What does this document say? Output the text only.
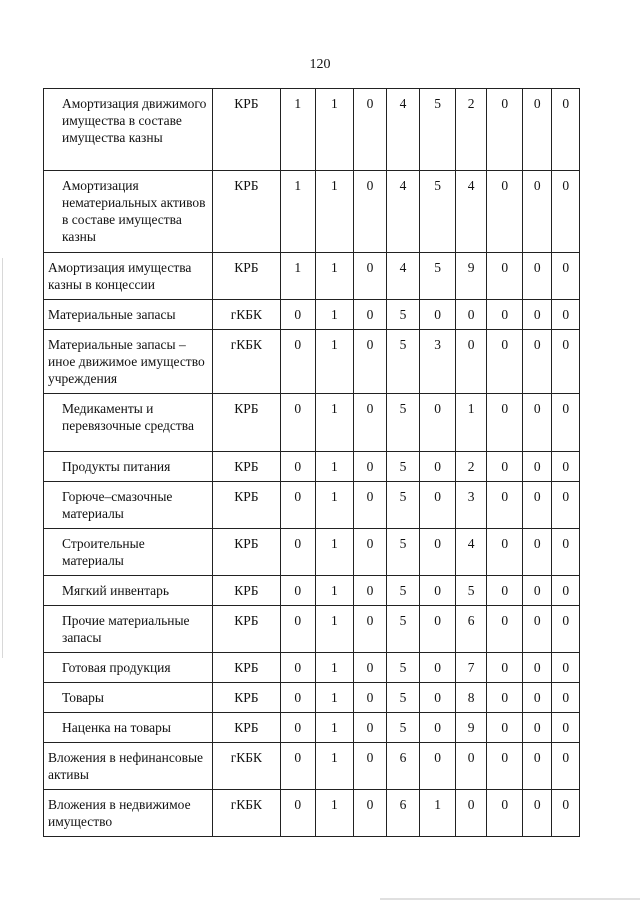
120
Амортизация движимого имущества в составе имущества казны	КРБ	1	1	0	4	5	2	0	0	0
Амортизация нематериальных активов в составе имущества казны	КРБ	1	1	0	4	5	4	0	0	0
Амортизация имущества казны в концессии	КРБ	1	1	0	4	5	9	0	0	0
Материальные запасы	гКБК	0	1	0	5	0	0	0	0	0
Материальные запасы – иное движимое имущество учреждения	гКБК	0	1	0	5	3	0	0	0	0
Медикаменты и перевязочные средства	КРБ	0	1	0	5	0	1	0	0	0
Продукты питания	КРБ	0	1	0	5	0	2	0	0	0
Горюче–смазочные материалы	КРБ	0	1	0	5	0	3	0	0	0
Строительные материалы	КРБ	0	1	0	5	0	4	0	0	0
Мягкий инвентарь	КРБ	0	1	0	5	0	5	0	0	0
Прочие материальные запасы	КРБ	0	1	0	5	0	6	0	0	0
Готовая продукция	КРБ	0	1	0	5	0	7	0	0	0
Товары	КРБ	0	1	0	5	0	8	0	0	0
Наценка на товары	КРБ	0	1	0	5	0	9	0	0	0
Вложения в нефинансовые активы	гКБК	0	1	0	6	0	0	0	0	0
Вложения в недвижимое имущество	гКБК	0	1	0	6	1	0	0	0	0
